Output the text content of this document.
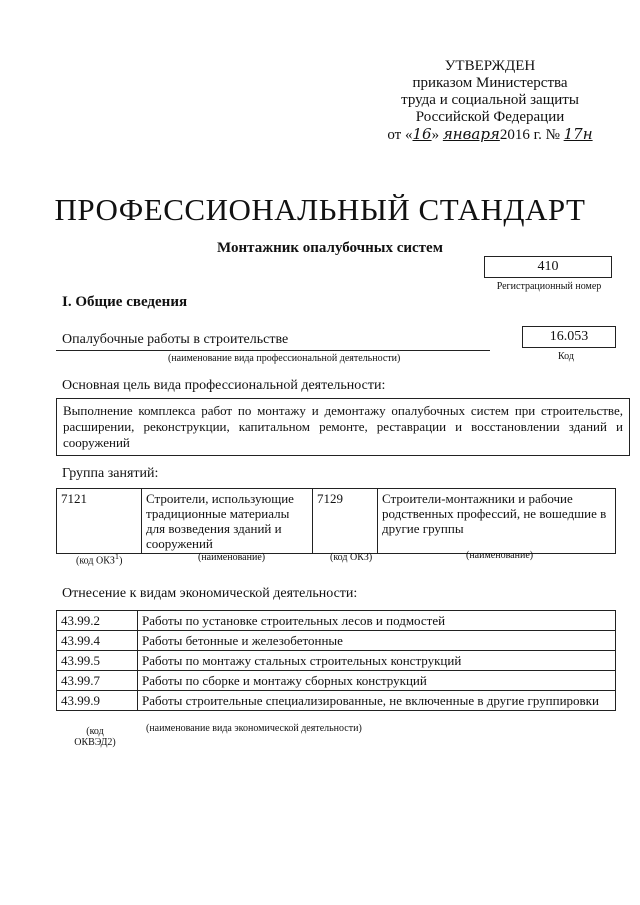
УТВЕРЖДЕН
приказом Министерства
труда и социальной защиты
Российской Федерации
от «16» января2016 г. № 17н
ПРОФЕССИОНАЛЬНЫЙ СТАНДАРТ
Монтажник опалубочных систем
410
Регистрационный номер
I. Общие сведения
Опалубочные работы в строительстве
(наименование вида профессиональной деятельности)
16.053
Код
Основная цель вида профессиональной деятельности:
Выполнение комплекса работ по монтажу и демонтажу опалубочных систем при строительстве, расширении, реконструкции, капитальном ремонте, реставрации и восстановлении зданий и сооружений
Группа занятий:
7121	Строители, использующие традиционные материалы для возведения зданий и сооружений	7129	Строители-монтажники и рабочие родственных профессий, не вошедшие в другие группы
(код ОКЗ$^1$)	(наименование)	(код ОКЗ)	(наименование)
Отнесение к видам экономической деятельности:
43.99.2	Работы по установке строительных лесов и подмостей
43.99.4	Работы бетонные и железобетонные
43.99.5	Работы по монтажу стальных строительных конструкций
43.99.7	Работы по сборке и монтажу сборных конструкций
43.99.9	Работы строительные специализированные, не включенные в другие группировки
(код ОКВЭД2)
(наименование вида экономической деятельности)
